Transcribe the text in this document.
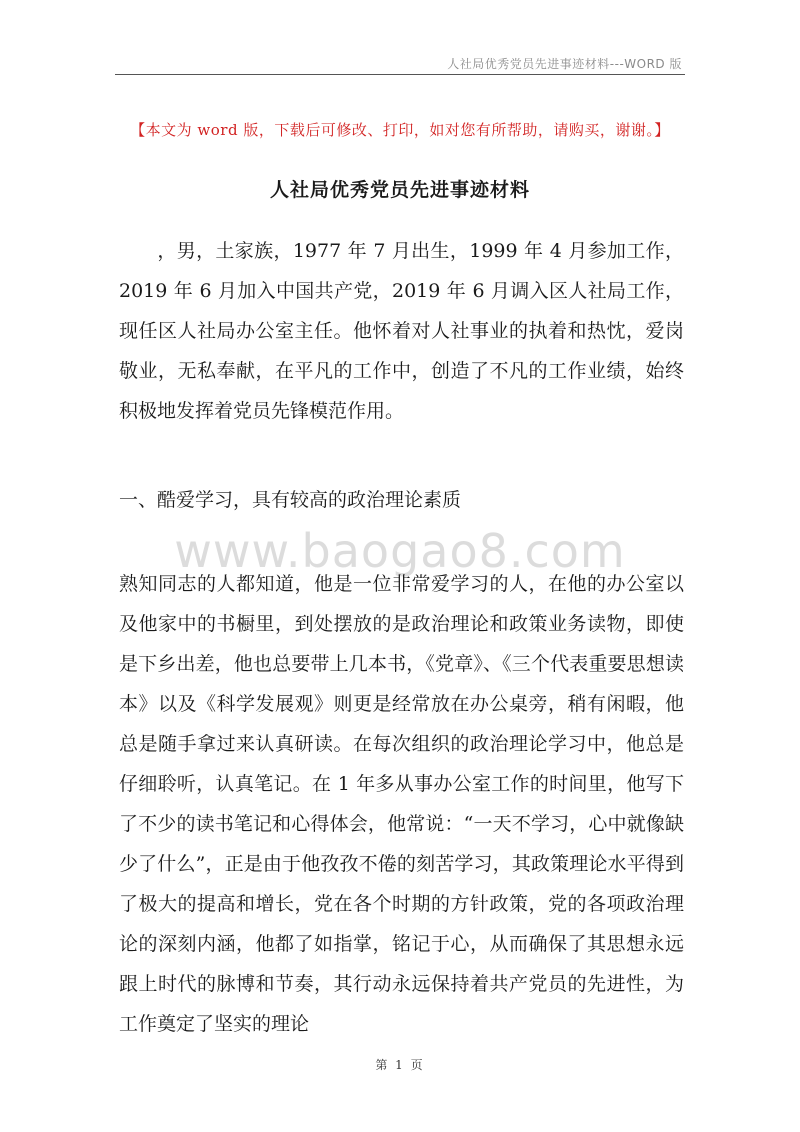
人社局优秀党员先进事迹材料---WORD 版
【本文为 word 版，下载后可修改、打印，如对您有所帮助，请购买，谢谢。】
人社局优秀党员先进事迹材料
，男，土家族，1977 年 7 月出生，1999 年 4 月参加工作，2019 年 6 月加入中国共产党，2019 年 6 月调入区人社局工作，现任区人社局办公室主任。他怀着对人社事业的执着和热忱，爱岗敬业，无私奉献，在平凡的工作中，创造了不凡的工作业绩，始终积极地发挥着党员先锋模范作用。
一、酷爱学习，具有较高的政治理论素质
www.baogao8.com
熟知同志的人都知道，他是一位非常爱学习的人，在他的办公室以及他家中的书橱里，到处摆放的是政治理论和政策业务读物，即使是下乡出差，他也总要带上几本书，《党章》、《三个代表重要思想读本》以及《科学发展观》则更是经常放在办公桌旁，稍有闲暇，他总是随手拿过来认真研读。在每次组织的政治理论学习中，他总是仔细聆听，认真笔记。在 1 年多从事办公室工作的时间里，他写下了不少的读书笔记和心得体会，他常说：“一天不学习，心中就像缺少了什么”，正是由于他孜孜不倦的刻苦学习，其政策理论水平得到了极大的提高和增长，党在各个时期的方针政策，党的各项政治理论的深刻内涵，他都了如指掌，铭记于心，从而确保了其思想永远跟上时代的脉博和节奏，其行动永远保持着共产党员的先进性，为工作奠定了坚实的理论
第 1 页
